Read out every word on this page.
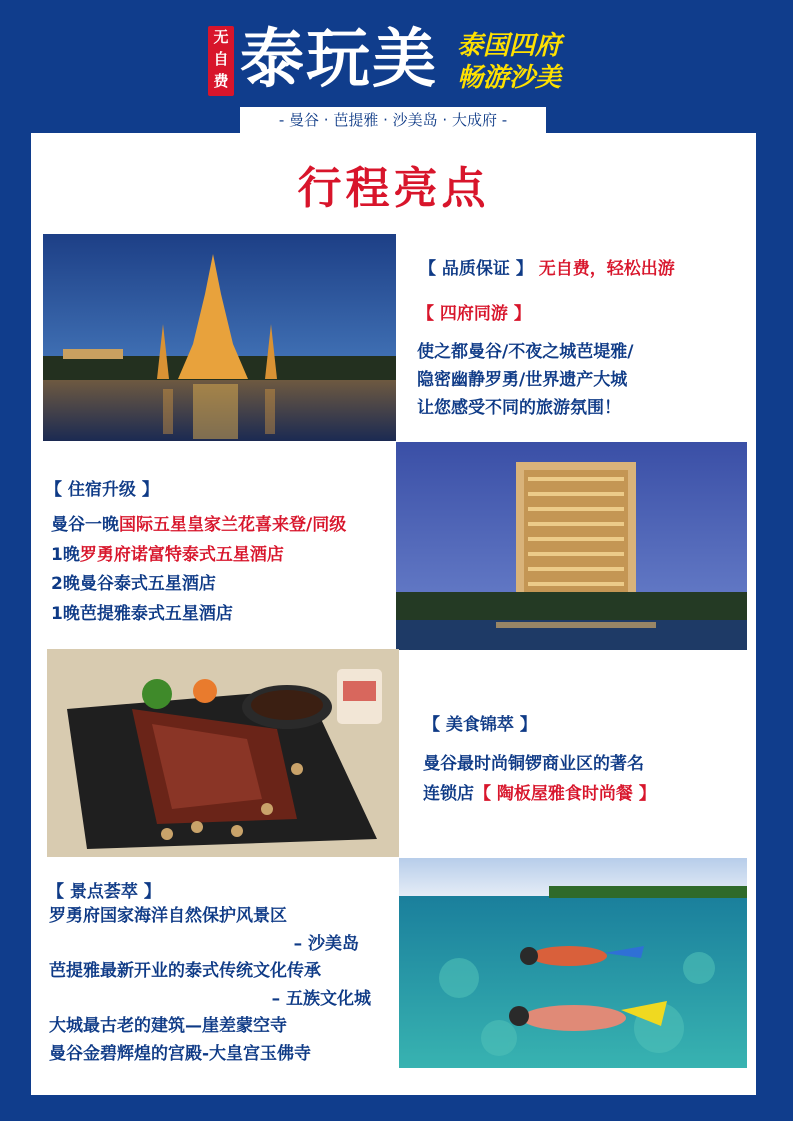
无
自
费 泰玩美 泰国四府
畅游沙美
- 曼谷 · 芭提雅 · 沙美岛 · 大成府 -
行程亮点
【 品质保证 】 无自费，轻松出游
【 四府同游 】
使之都曼谷/不夜之城芭堤雅/
隐密幽静罗勇/世界遗产大城
让您感受不同的旅游氛围！
【 住宿升级 】
曼谷一晚国际五星皇家兰花喜来登/同级
1晚罗勇府诺富特泰式五星酒店
2晚曼谷泰式五星酒店
1晚芭提雅泰式五星酒店
【 美食锦萃 】
曼谷最时尚铜锣商业区的著名
连锁店【 陶板屋雅食时尚餐 】
【 景点荟萃 】
罗勇府国家海洋自然保护风景区
– 沙美岛
芭提雅最新开业的泰式传统文化传承
– 五族文化城
大城最古老的建筑—崖差蒙空寺
曼谷金碧辉煌的宫殿-大皇宫玉佛寺
